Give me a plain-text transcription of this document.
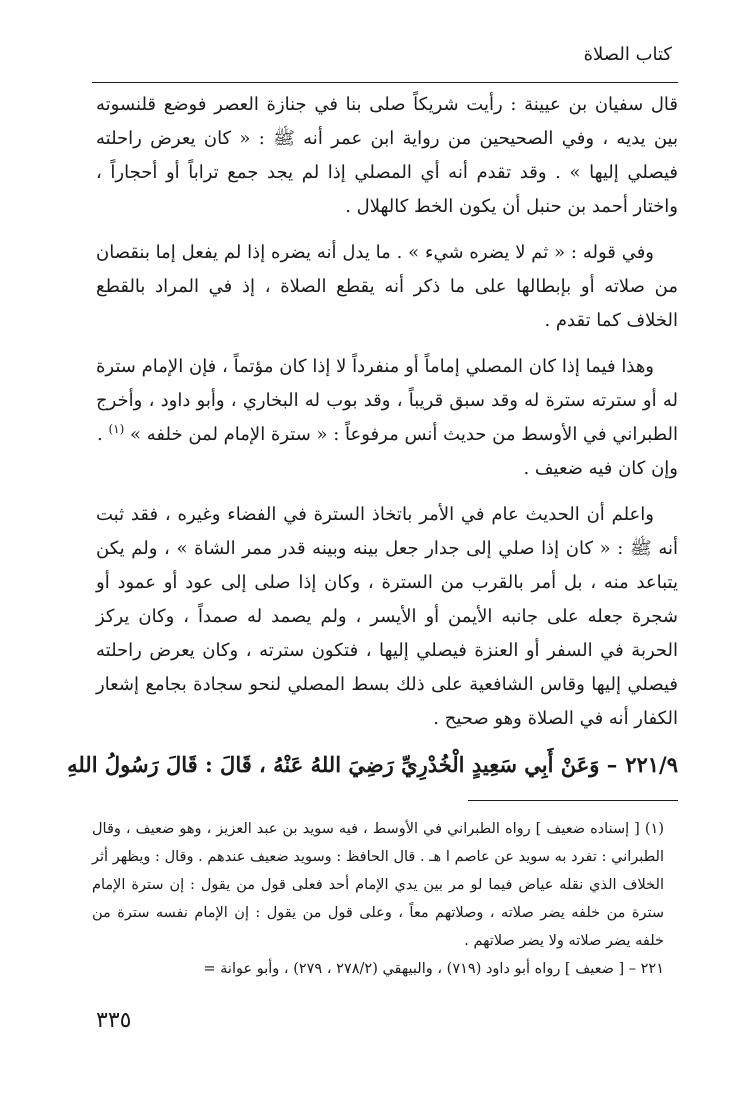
كتاب الصلاة

قال سفيان بن عيينة : رأيت شريكاً صلى بنا في جنازة العصر فوضع قلنسوته بين يديه ، وفي الصحيحين من رواية ابن عمر أنه ﷺ : « كان يعرض راحلته فيصلي إليها » . وقد تقدم أنه أي المصلي إذا لم يجد جمع تراباً أو أحجاراً ، واختار أحمد بن حنبل أن يكون الخط كالهلال .

وفي قوله : « ثم لا يضره شيء » . ما يدل أنه يضره إذا لم يفعل إما بنقصان من صلاته أو بإبطالها على ما ذكر أنه يقطع الصلاة ، إذ في المراد بالقطع الخلاف كما تقدم .

وهذا فيما إذا كان المصلي إماماً أو منفرداً لا إذا كان مؤتماً ، فإن الإمام سترة له أو سترته سترة له وقد سبق قريباً ، وقد بوب له البخاري ، وأبو داود ، وأخرج الطبراني في الأوسط من حديث أنس مرفوعاً : « سترة الإمام لمن خلفه » $^{(١)}$ .
وإن كان فيه ضعيف .

واعلم أن الحديث عام في الأمر باتخاذ السترة في الفضاء وغيره ، فقد ثبت أنه ﷺ : « كان إذا صلي إلى جدار جعل بينه وبينه قدر ممر الشاة » ، ولم يكن يتباعد منه ، بل أمر بالقرب من السترة ، وكان إذا صلى إلى عود أو عمود أو شجرة جعله على جانبه الأيمن أو الأيسر ، ولم يصمد له صمداً ، وكان يركز الحربة في السفر أو العنزة فيصلي إليها ، فتكون سترته ، وكان يعرض راحلته فيصلي إليها وقاس الشافعية على ذلك بسط المصلي لنحو سجادة بجامع إشعار الكفار أنه في الصلاة وهو صحيح .

٢٢١/٩– وَعَنْ أَبِي سَعِيدٍ الْخُدْرِيِّ رَضِيَ اللهُ عَنْهُ ، قَالَ : قَالَ رَسُولُ اللهِ

(١) [ إسناده ضعيف ] رواه الطبراني في الأوسط ، فيه سويد بن عبد العزيز ، وهو ضعيف ، وقال الطبراني : تفرد به سويد عن عاصم ا هـ . قال الحافظ : وسويد ضعيف عندهم . وقال : ويظهر أثر الخلاف الذي نقله عياض فيما لو مر بين يدي الإمام أحد فعلى قول من يقول : إن سترة الإمام سترة من خلفه يضر صلاته ، وصلاتهم معاً ، وعلى قول من يقول : إن الإمام نفسه سترة من خلفه يضر صلاته ولا يضر صلاتهم .

٢٢١ – [ ضعيف ] رواه أبو داود (٧١٩) ، والبيهقي (٢٧٨/٢ ، ٢٧٩) ، وأبو عوانة =

٣٣٥
